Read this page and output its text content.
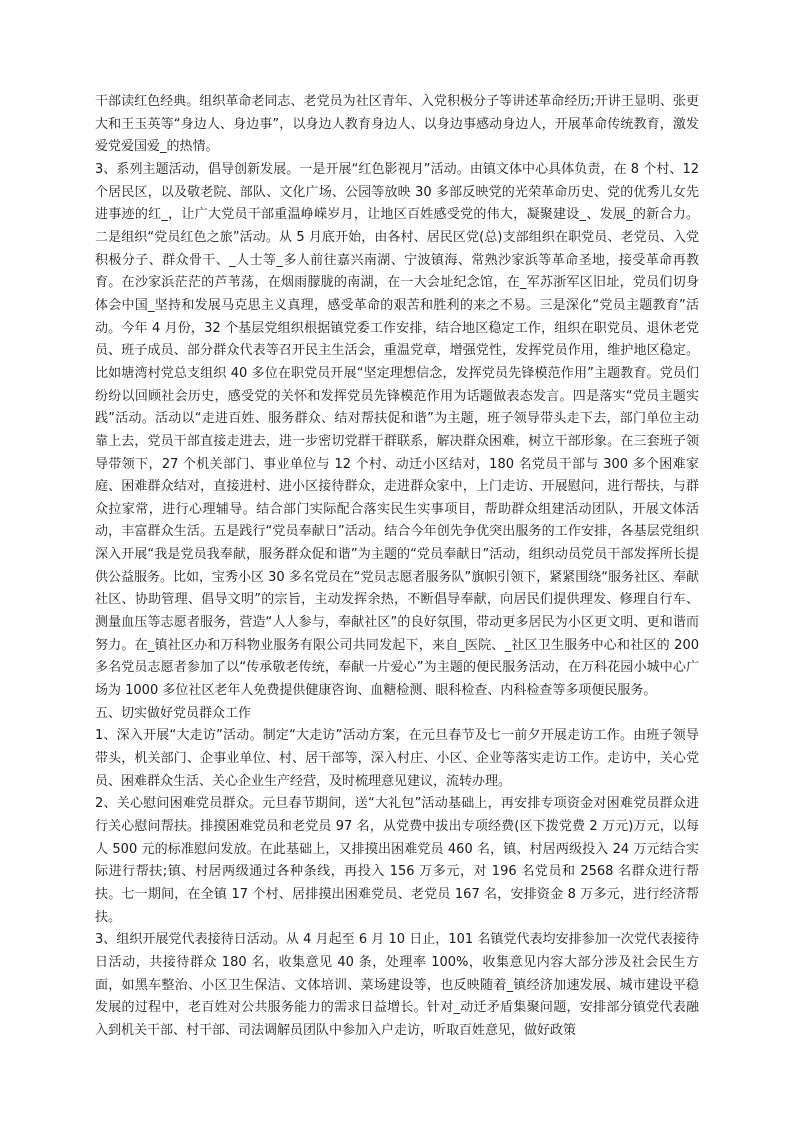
干部读红色经典。组织革命老同志、老党员为社区青年、入党积极分子等讲述革命经历;开讲王显明、张更大和王玉英等“身边人、身边事”，以身边人教育身边人、以身边事感动身边人，开展革命传统教育，激发爱党爱国爱_的热情。

3、系列主题活动，倡导创新发展。一是开展“红色影视月”活动。由镇文体中心具体负责，在 8 个村、12 个居民区，以及敬老院、部队、文化广场、公园等放映 30 多部反映党的光荣革命历史、党的优秀儿女先进事迹的红_，让广大党员干部重温峥嵘岁月，让地区百姓感受党的伟大，凝聚建设_、发展_的新合力。二是组织“党员红色之旅”活动。从 5 月底开始，由各村、居民区党(总)支部组织在职党员、老党员、入党积极分子、群众骨干、_人士等_多人前往嘉兴南湖、宁波镇海、常熟沙家浜等革命圣地，接受革命再教育。在沙家浜茫茫的芦苇荡，在烟雨朦胧的南湖，在一大会址纪念馆，在_军苏浙军区旧址，党员们切身体会中国_坚持和发展马克思主义真理，感受革命的艰苦和胜利的来之不易。三是深化“党员主题教育”活动。今年 4 月份，32 个基层党组织根据镇党委工作安排，结合地区稳定工作，组织在职党员、退休老党员、班子成员、部分群众代表等召开民主生活会，重温党章，增强党性，发挥党员作用，维护地区稳定。比如塘湾村党总支组织 40 多位在职党员开展“坚定理想信念，发挥党员先锋模范作用”主题教育。党员们纷纷以回顾社会历史，感受党的关怀和发挥党员先锋模范作用为话题做表态发言。四是落实“党员主题实践”活动。活动以“走进百姓、服务群众、结对帮扶促和谐”为主题，班子领导带头走下去，部门单位主动靠上去，党员干部直接走进去，进一步密切党群干群联系，解决群众困难，树立干部形象。在三套班子领导带领下，27 个机关部门、事业单位与 12 个村、动迁小区结对，180 名党员干部与 300 多个困难家庭、困难群众结对，直接进村、进小区接待群众，走进群众家中，上门走访、开展慰问，进行帮扶，与群众拉家常，进行心理辅导。结合部门实际配合落实民生实事项目，帮助群众组建活动团队，开展文体活动，丰富群众生活。五是践行“党员奉献日”活动。结合今年创先争优突出服务的工作安排，各基层党组织深入开展“我是党员我奉献，服务群众促和谐”为主题的“党员奉献日”活动，组织动员党员干部发挥所长提供公益服务。比如，宝秀小区 30 多名党员在“党员志愿者服务队”旗帜引领下，紧紧围绕“服务社区、奉献社区、协助管理、倡导文明”的宗旨，主动发挥余热，不断倡导奉献，向居民们提供理发、修理自行车、测量血压等志愿者服务，营造“人人参与，奉献社区”的良好氛围，带动更多居民为小区更文明、更和谐而努力。在_镇社区办和万科物业服务有限公司共同发起下，来自_医院、_社区卫生服务中心和社区的 200 多名党员志愿者参加了以“传承敬老传统，奉献一片爱心”为主题的便民服务活动，在万科花园小城中心广场为 1000 多位社区老年人免费提供健康咨询、血糖检测、眼科检查、内科检查等多项便民服务。

五、切实做好党员群众工作

1、深入开展“大走访”活动。制定“大走访”活动方案，在元旦春节及七一前夕开展走访工作。由班子领导带头，机关部门、企事业单位、村、居干部等，深入村庄、小区、企业等落实走访工作。走访中，关心党员、困难群众生活、关心企业生产经营，及时梳理意见建议，流转办理。

2、关心慰问困难党员群众。元旦春节期间，送“大礼包”活动基础上，再安排专项资金对困难党员群众进行关心慰问帮扶。排摸困难党员和老党员 97 名，从党费中拔出专项经费(区下拨党费 2 万元)万元，以每人 500 元的标准慰问发放。在此基础上，又排摸出困难党员 460 名，镇、村居两级投入 24 万元结合实际进行帮扶;镇、村居两级通过各种条线，再投入 156 万多元，对 196 名党员和 2568 名群众进行帮扶。七一期间，在全镇 17 个村、居排摸出困难党员、老党员 167 名，安排资金 8 万多元，进行经济帮扶。

3、组织开展党代表接待日活动。从 4 月起至 6 月 10 日止，101 名镇党代表均安排参加一次党代表接待日活动，共接待群众 180 名，收集意见 40 条，处理率 100%，收集意见内容大部分涉及社会民生方面，如黑车整治、小区卫生保洁、文体培训、菜场建设等，也反映随着_镇经济加速发展、城市建设平稳发展的过程中，老百姓对公共服务能力的需求日益增长。针对_动迁矛盾集聚问题，安排部分镇党代表融入到机关干部、村干部、司法调解员团队中参加入户走访，听取百姓意见，做好政策
